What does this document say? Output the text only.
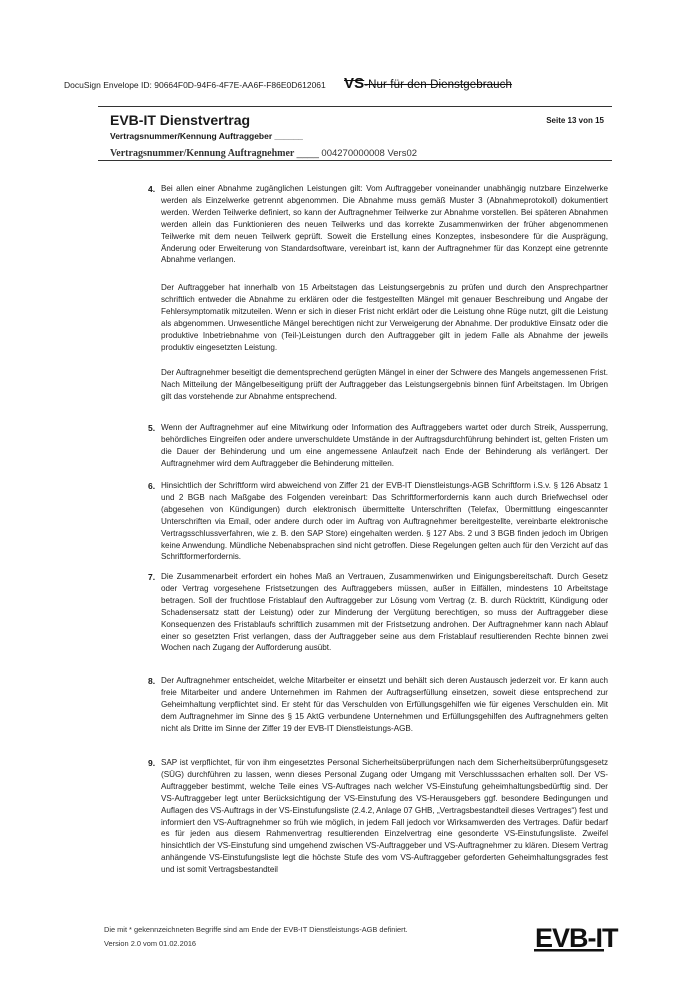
DocuSign Envelope ID: 90664F0D-94F6-4F7E-AA6F-F86E0D612061 VS-Nur für den Dienstgebrauch
EVB-IT Dienstvertrag	Seite 13 von 15
Vertragsnummer/Kennung Auftraggeber ______
Vertragsnummer/Kennung Auftragnehmer ____ 004270000008 Vers02
4. Bei allen einer Abnahme zugänglichen Leistungen gilt: Vom Auftraggeber voneinander unabhängig nutzbare Einzelwerke werden als Einzelwerke getrennt abgenommen. Die Abnahme muss gemäß Muster 3 (Abnahmeprotokoll) dokumentiert werden. Werden Teilwerke definiert, so kann der Auftragnehmer Teilwerke zur Abnahme vorstellen. Bei späteren Abnahmen werden allein das Funktionieren des neuen Teilwerks und das korrekte Zusammenwirken der früher abgenommenen Teilwerke mit dem neuen Teilwerk geprüft. Soweit die Erstellung eines Konzeptes, insbesondere für die Ausprägung, Änderung oder Erweiterung von Standardsoftware, vereinbart ist, kann der Auftragnehmer für das Konzept eine getrennte Abnahme verlangen.
Der Auftraggeber hat innerhalb von 15 Arbeitstagen das Leistungsergebnis zu prüfen und durch den Ansprechpartner schriftlich entweder die Abnahme zu erklären oder die festgestellten Mängel mit genauer Beschreibung und Angabe der Fehlersymptomatik mitzuteilen. Wenn er sich in dieser Frist nicht erklärt oder die Leistung ohne Rüge nutzt, gilt die Leistung als abgenommen. Unwesentliche Mängel berechtigen nicht zur Verweigerung der Abnahme. Der produktive Einsatz oder die produktive Inbetriebnahme von (Teil-)Leistungen durch den Auftraggeber gilt in jedem Falle als Abnahme der jeweils produktiv eingesetzten Leistung.
Der Auftragnehmer beseitigt die dementsprechend gerügten Mängel in einer der Schwere des Mangels angemessenen Frist. Nach Mitteilung der Mängelbeseitigung prüft der Auftraggeber das Leistungsergebnis binnen fünf Arbeitstagen. Im Übrigen gilt das vorstehende zur Abnahme entsprechend.
5. Wenn der Auftragnehmer auf eine Mitwirkung oder Information des Auftraggebers wartet oder durch Streik, Aussperrung, behördliches Eingreifen oder andere unverschuldete Umstände in der Auftragsdurchführung behindert ist, gelten Fristen um die Dauer der Behinderung und um eine angemessene Anlaufzeit nach Ende der Behinderung als verlängert. Der Auftragnehmer wird dem Auftraggeber die Behinderung mitteilen.
6. Hinsichtlich der Schriftform wird abweichend von Ziffer 21 der EVB-IT Dienstleistungs-AGB Schriftform i.S.v. § 126 Absatz 1 und 2 BGB nach Maßgabe des Folgenden vereinbart: Das Schriftformerfordernis kann auch durch Briefwechsel oder (abgesehen von Kündigungen) durch elektronisch übermittelte Unterschriften (Telefax, Übermittlung eingescannter Unterschriften via Email, oder andere durch oder im Auftrag von Auftragnehmer bereitgestellte, vereinbarte elektronische Vertragsschlussverfahren, wie z. B. den SAP Store) eingehalten werden. § 127 Abs. 2 und 3 BGB finden jedoch im Übrigen keine Anwendung. Mündliche Nebenabsprachen sind nicht getroffen. Diese Regelungen gelten auch für den Verzicht auf das Schriftformerfordernis.
7. Die Zusammenarbeit erfordert ein hohes Maß an Vertrauen, Zusammenwirken und Einigungsbereitschaft. Durch Gesetz oder Vertrag vorgesehene Fristsetzungen des Auftraggebers müssen, außer in Eilfällen, mindestens 10 Arbeitstage betragen. Soll der fruchtlose Fristablauf den Auftraggeber zur Lösung vom Vertrag (z. B. durch Rücktritt, Kündigung oder Schadensersatz statt der Leistung) oder zur Minderung der Vergütung berechtigen, so muss der Auftraggeber diese Konsequenzen des Fristablaufs schriftlich zusammen mit der Fristsetzung androhen. Der Auftragnehmer kann nach Ablauf einer so gesetzten Frist verlangen, dass der Auftraggeber seine aus dem Fristablauf resultierenden Rechte binnen zwei Wochen nach Zugang der Aufforderung ausübt.
8. Der Auftragnehmer entscheidet, welche Mitarbeiter er einsetzt und behält sich deren Austausch jederzeit vor. Er kann auch freie Mitarbeiter und andere Unternehmen im Rahmen der Auftragserfüllung einsetzen, soweit diese entsprechend zur Geheimhaltung verpflichtet sind. Er steht für das Verschulden von Erfüllungsgehilfen wie für eigenes Verschulden ein. Mit dem Auftragnehmer im Sinne des § 15 AktG verbundene Unternehmen und Erfüllungsgehilfen des Auftragnehmers gelten nicht als Dritte im Sinne der Ziffer 19 der EVB-IT Dienstleistungs-AGB.
9. SAP ist verpflichtet, für von ihm eingesetztes Personal Sicherheitsüberprüfungen nach dem Sicherheitsüberprüfungsgesetz (SÜG) durchführen zu lassen, wenn dieses Personal Zugang oder Umgang mit Verschlusssachen erhalten soll. Der VS-Auftraggeber bestimmt, welche Teile eines VS-Auftrages nach welcher VS-Einstufung geheimhaltungsbedürftig sind. Der VS-Auftraggeber legt unter Berücksichtigung der VS-Einstufung des VS-Herausgebers ggf. besondere Bedingungen und Auflagen des VS-Auftrags in der VS-Einstufungsliste (2.4.2, Anlage 07 GHB, „Vertragsbestandteil dieses Vertrages“) fest und informiert den VS-Auftragnehmer so früh wie möglich, in jedem Fall jedoch vor Wirksamwerden des Vertrages. Dafür bedarf es für jeden aus diesem Rahmenvertrag resultierenden Einzelvertrag eine gesonderte VS-Einstufungsliste. Zweifel hinsichtlich der VS-Einstufung sind umgehend zwischen VS-Auftraggeber und VS-Auftragnehmer zu klären. Diesem Vertrag anhängende VS-Einstufungsliste legt die höchste Stufe des vom VS-Auftraggeber geforderten Geheimhaltungsgrades fest und ist somit Vertragsbestandteil
Die mit * gekennzeichneten Begriffe sind am Ende der EVB-IT Dienstleistungs-AGB definiert.
Version 2.0 vom 01.02.2016	EVB-IT
